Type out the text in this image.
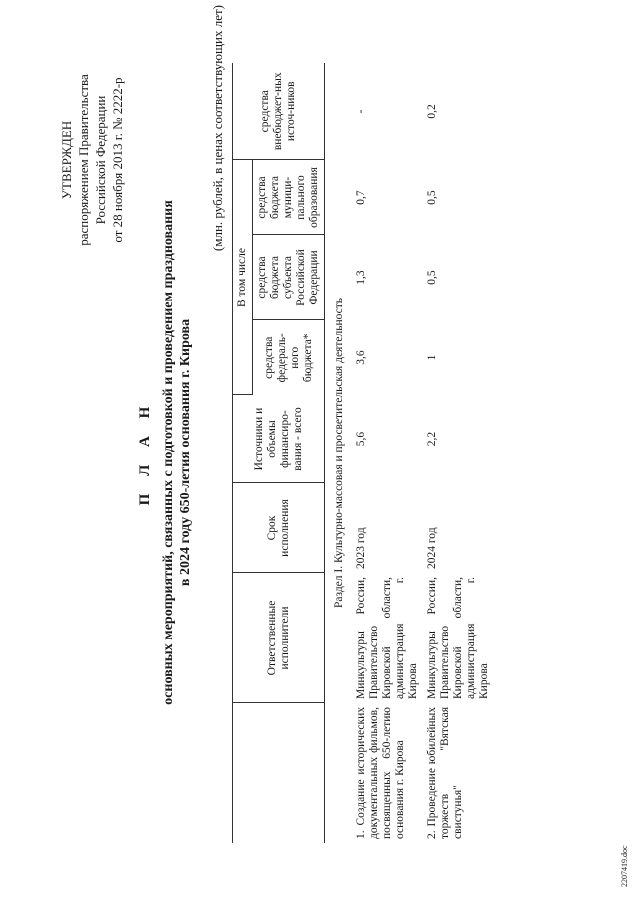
УТВЕРЖДЕН распоряжением Правительства Российской Федерации от 28 ноября 2013 г. № 2222-р
П Л А Н основных мероприятий, связанных с подготовкой и проведением празднования в 2024 году 650-летия основания г. Кирова
(млн. рублей, в ценах соответствующих лет)
	Ответственные исполнители	Срок исполнения	Источники и объемы финансиро-вания - всего	В том числе			средства внебюджет-ных источ-ников
				средства федераль-ного бюджета*	средства бюджета субъекта Российской Федерации	средства бюджета муници-пального образования	
Раздел I. Культурно-массовая и просветительская деятельность							
1. Создание исторических документальных фильмов, посвященных 650-летию основания г. Кирова	Минкультуры России, Правительство Кировской области, администрация г. Кирова	2023 год	5,6	3,6	1,3	0,7	-
2. Проведение юбилейных торжеств "Вятская свистунья"	Минкультуры России, Правительство Кировской области, администрация г. Кирова	2024 год	2,2	1	0,5	0,5	0,2
2207419.doc
